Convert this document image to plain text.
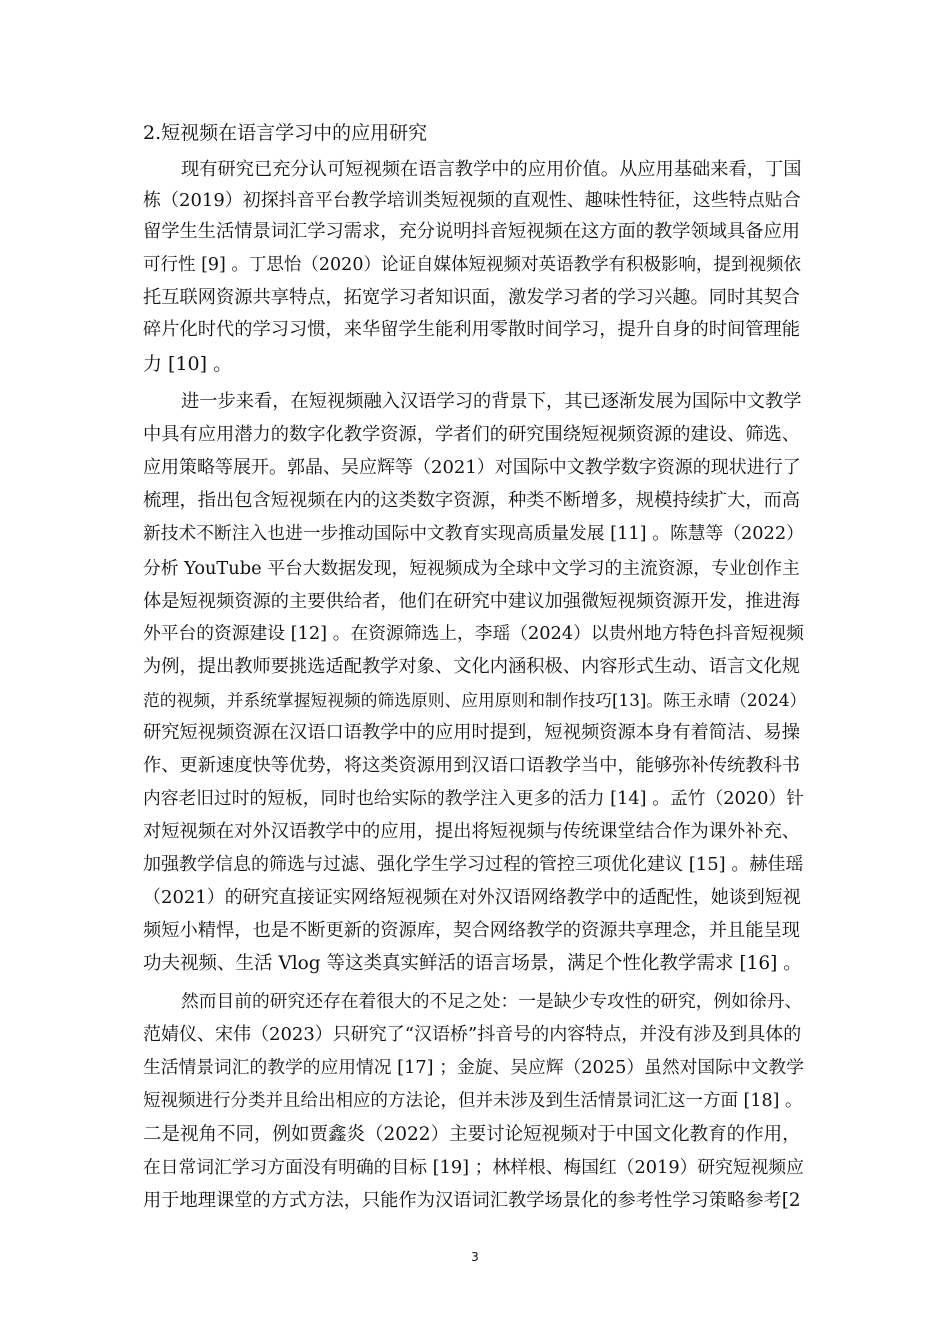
2.短视频在语言学习中的应用研究
现有研究已充分认可短视频在语言教学中的应用价值。从应用基础来看，丁国
栋（2019）初探抖音平台教学培训类短视频的直观性、趣味性特征，这些特点贴合
留学生生活情景词汇学习需求，充分说明抖音短视频在这方面的教学领域具备应用
可行性 [9] 。丁思怡（2020）论证自媒体短视频对英语教学有积极影响，提到视频依
托互联网资源共享特点，拓宽学习者知识面，激发学习者的学习兴趣。同时其契合
碎片化时代的学习习惯，来华留学生能利用零散时间学习，提升自身的时间管理能
力 [10] 。
进一步来看，在短视频融入汉语学习的背景下，其已逐渐发展为国际中文教学
中具有应用潜力的数字化教学资源，学者们的研究围绕短视频资源的建设、筛选、
应用策略等展开。郭晶、吴应辉等（2021）对国际中文教学数字资源的现状进行了
梳理，指出包含短视频在内的这类数字资源，种类不断增多，规模持续扩大，而高
新技术不断注入也进一步推动国际中文教育实现高质量发展 [11] 。陈慧等（2022）
分析 YouTube 平台大数据发现，短视频成为全球中文学习的主流资源，专业创作主
体是短视频资源的主要供给者，他们在研究中建议加强微短视频资源开发，推进海
外平台的资源建设 [12] 。在资源筛选上，李瑶（2024）以贵州地方特色抖音短视频
为例，提出教师要挑选适配教学对象、文化内涵积极、内容形式生动、语言文化规
范的视频，并系统掌握短视频的筛选原则、应用原则和制作技巧[13]。陈王永晴（2024）
研究短视频资源在汉语口语教学中的应用时提到，短视频资源本身有着简洁、易操
作、更新速度快等优势，将这类资源用到汉语口语教学当中，能够弥补传统教科书
内容老旧过时的短板，同时也给实际的教学注入更多的活力 [14] 。孟竹（2020）针
对短视频在对外汉语教学中的应用，提出将短视频与传统课堂结合作为课外补充、
加强教学信息的筛选与过滤、强化学生学习过程的管控三项优化建议 [15] 。赫佳瑶
（2021）的研究直接证实网络短视频在对外汉语网络教学中的适配性，她谈到短视
频短小精悍，也是不断更新的资源库，契合网络教学的资源共享理念，并且能呈现
功夫视频、生活 Vlog 等这类真实鲜活的语言场景，满足个性化教学需求 [16] 。
然而目前的研究还存在着很大的不足之处：一是缺少专攻性的研究，例如徐丹、
范婧仪、宋伟（2023）只研究了“汉语桥”抖音号的内容特点，并没有涉及到具体的
生活情景词汇的教学的应用情况 [17] ；金旋、吴应辉（2025）虽然对国际中文教学
短视频进行分类并且给出相应的方法论，但并未涉及到生活情景词汇这一方面 [18] 。
二是视角不同，例如贾鑫炎（2022）主要讨论短视频对于中国文化教育的作用，
在日常词汇学习方面没有明确的目标 [19] ；林样根、梅国红（2019）研究短视频应
用于地理课堂的方式方法，只能作为汉语词汇教学场景化的参考性学习策略参考[2
3
